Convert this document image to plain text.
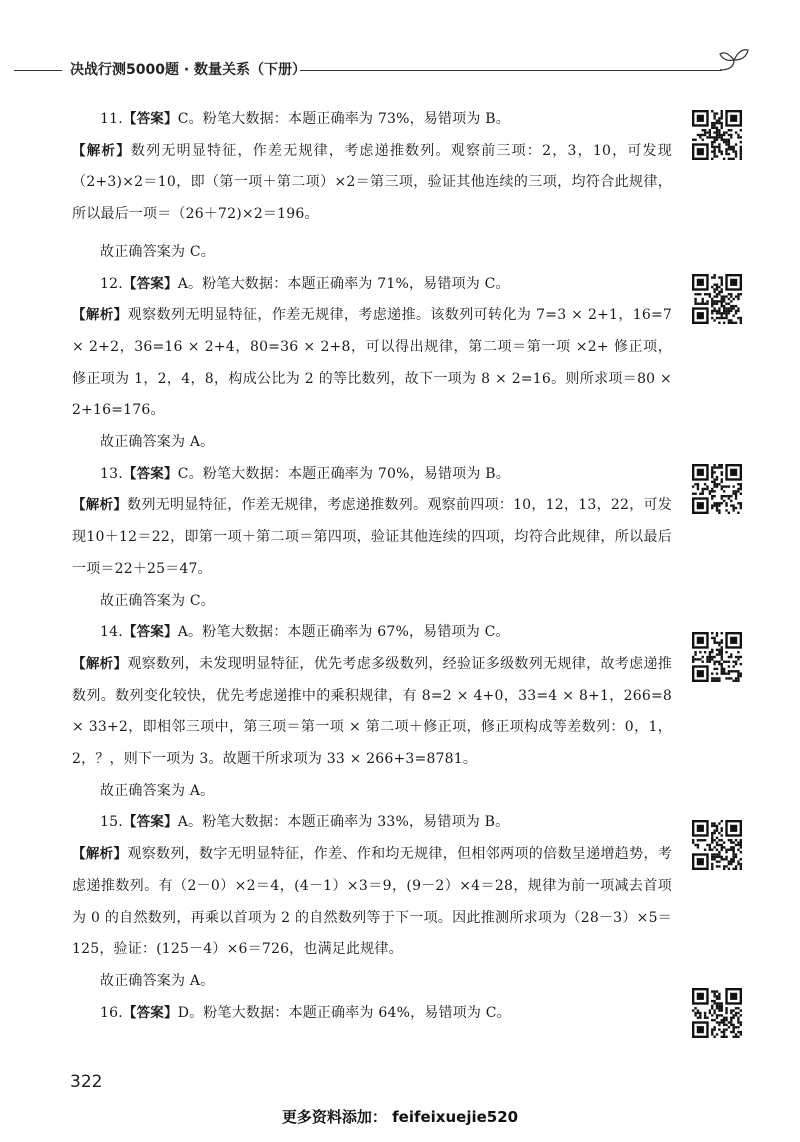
决战行测5000题 · 数量关系（下册）

11.【答案】C。粉笔大数据：本题正确率为 73%，易错项为 B。

【解析】数列无明显特征，作差无规律，考虑递推数列。观察前三项：2，3，10，可发现（2+3)×2＝10，即（第一项＋第二项）×2＝第三项，验证其他连续的三项，均符合此规律，所以最后一项＝（26＋72)×2＝196。

故正确答案为 C。

12.【答案】A。粉笔大数据：本题正确率为 71%，易错项为 C。

【解析】观察数列无明显特征，作差无规律，考虑递推。该数列可转化为 7=3 × 2+1，16=7 × 2+2，36=16 × 2+4，80=36 × 2+8，可以得出规律，第二项＝第一项 ×2+ 修正项，修正项为 1，2，4，8，构成公比为 2 的等比数列，故下一项为 8 × 2=16。则所求项＝80 × 2+16=176。

故正确答案为 A。

13.【答案】C。粉笔大数据：本题正确率为 70%，易错项为 B。

【解析】数列无明显特征，作差无规律，考虑递推数列。观察前四项：10，12，13，22，可发现10＋12＝22，即第一项＋第二项＝第四项，验证其他连续的四项，均符合此规律，所以最后一项＝22＋25＝47。

故正确答案为 C。

14.【答案】A。粉笔大数据：本题正确率为 67%，易错项为 C。

【解析】观察数列，未发现明显特征，优先考虑多级数列，经验证多级数列无规律，故考虑递推数列。数列变化较快，优先考虑递推中的乘积规律，有 8=2 × 4+0，33=4 × 8+1，266=8 × 33+2，即相邻三项中，第三项＝第一项 × 第二项＋修正项，修正项构成等差数列：0，1，2，？，则下一项为 3。故题干所求项为 33 × 266+3=8781。

故正确答案为 A。

15.【答案】A。粉笔大数据：本题正确率为 33%，易错项为 B。

【解析】观察数列，数字无明显特征，作差、作和均无规律，但相邻两项的倍数呈递增趋势，考虑递推数列。有（2－0）×2＝4，(4－1）×3＝9，(9－2）×4＝28，规律为前一项减去首项为 0 的自然数列，再乘以首项为 2 的自然数列等于下一项。因此推测所求项为（28－3）×5＝125，验证：(125－4）×6＝726，也满足此规律。

故正确答案为 A。

16.【答案】D。粉笔大数据：本题正确率为 64%，易错项为 C。

322
更多资料添加： feifeixuejie520
